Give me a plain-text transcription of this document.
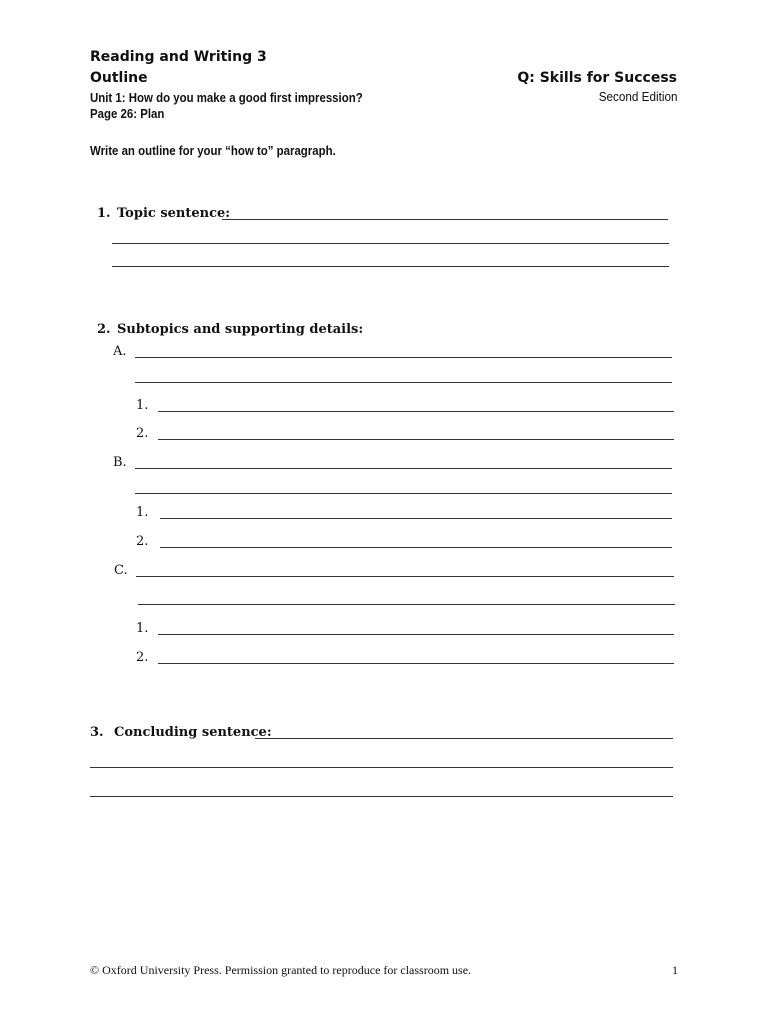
Reading and Writing 3
Outline
Unit 1: How do you make a good first impression?
Page 26: Plan
Q: Skills for Success
Second Edition
Write an outline for your “how to” paragraph.
1. Topic sentence:
2. Subtopics and supporting details:
A.
1.
2.
B.
1.
2.
C.
1.
2.
3. Concluding sentence:
© Oxford University Press. Permission granted to reproduce for classroom use.	1
